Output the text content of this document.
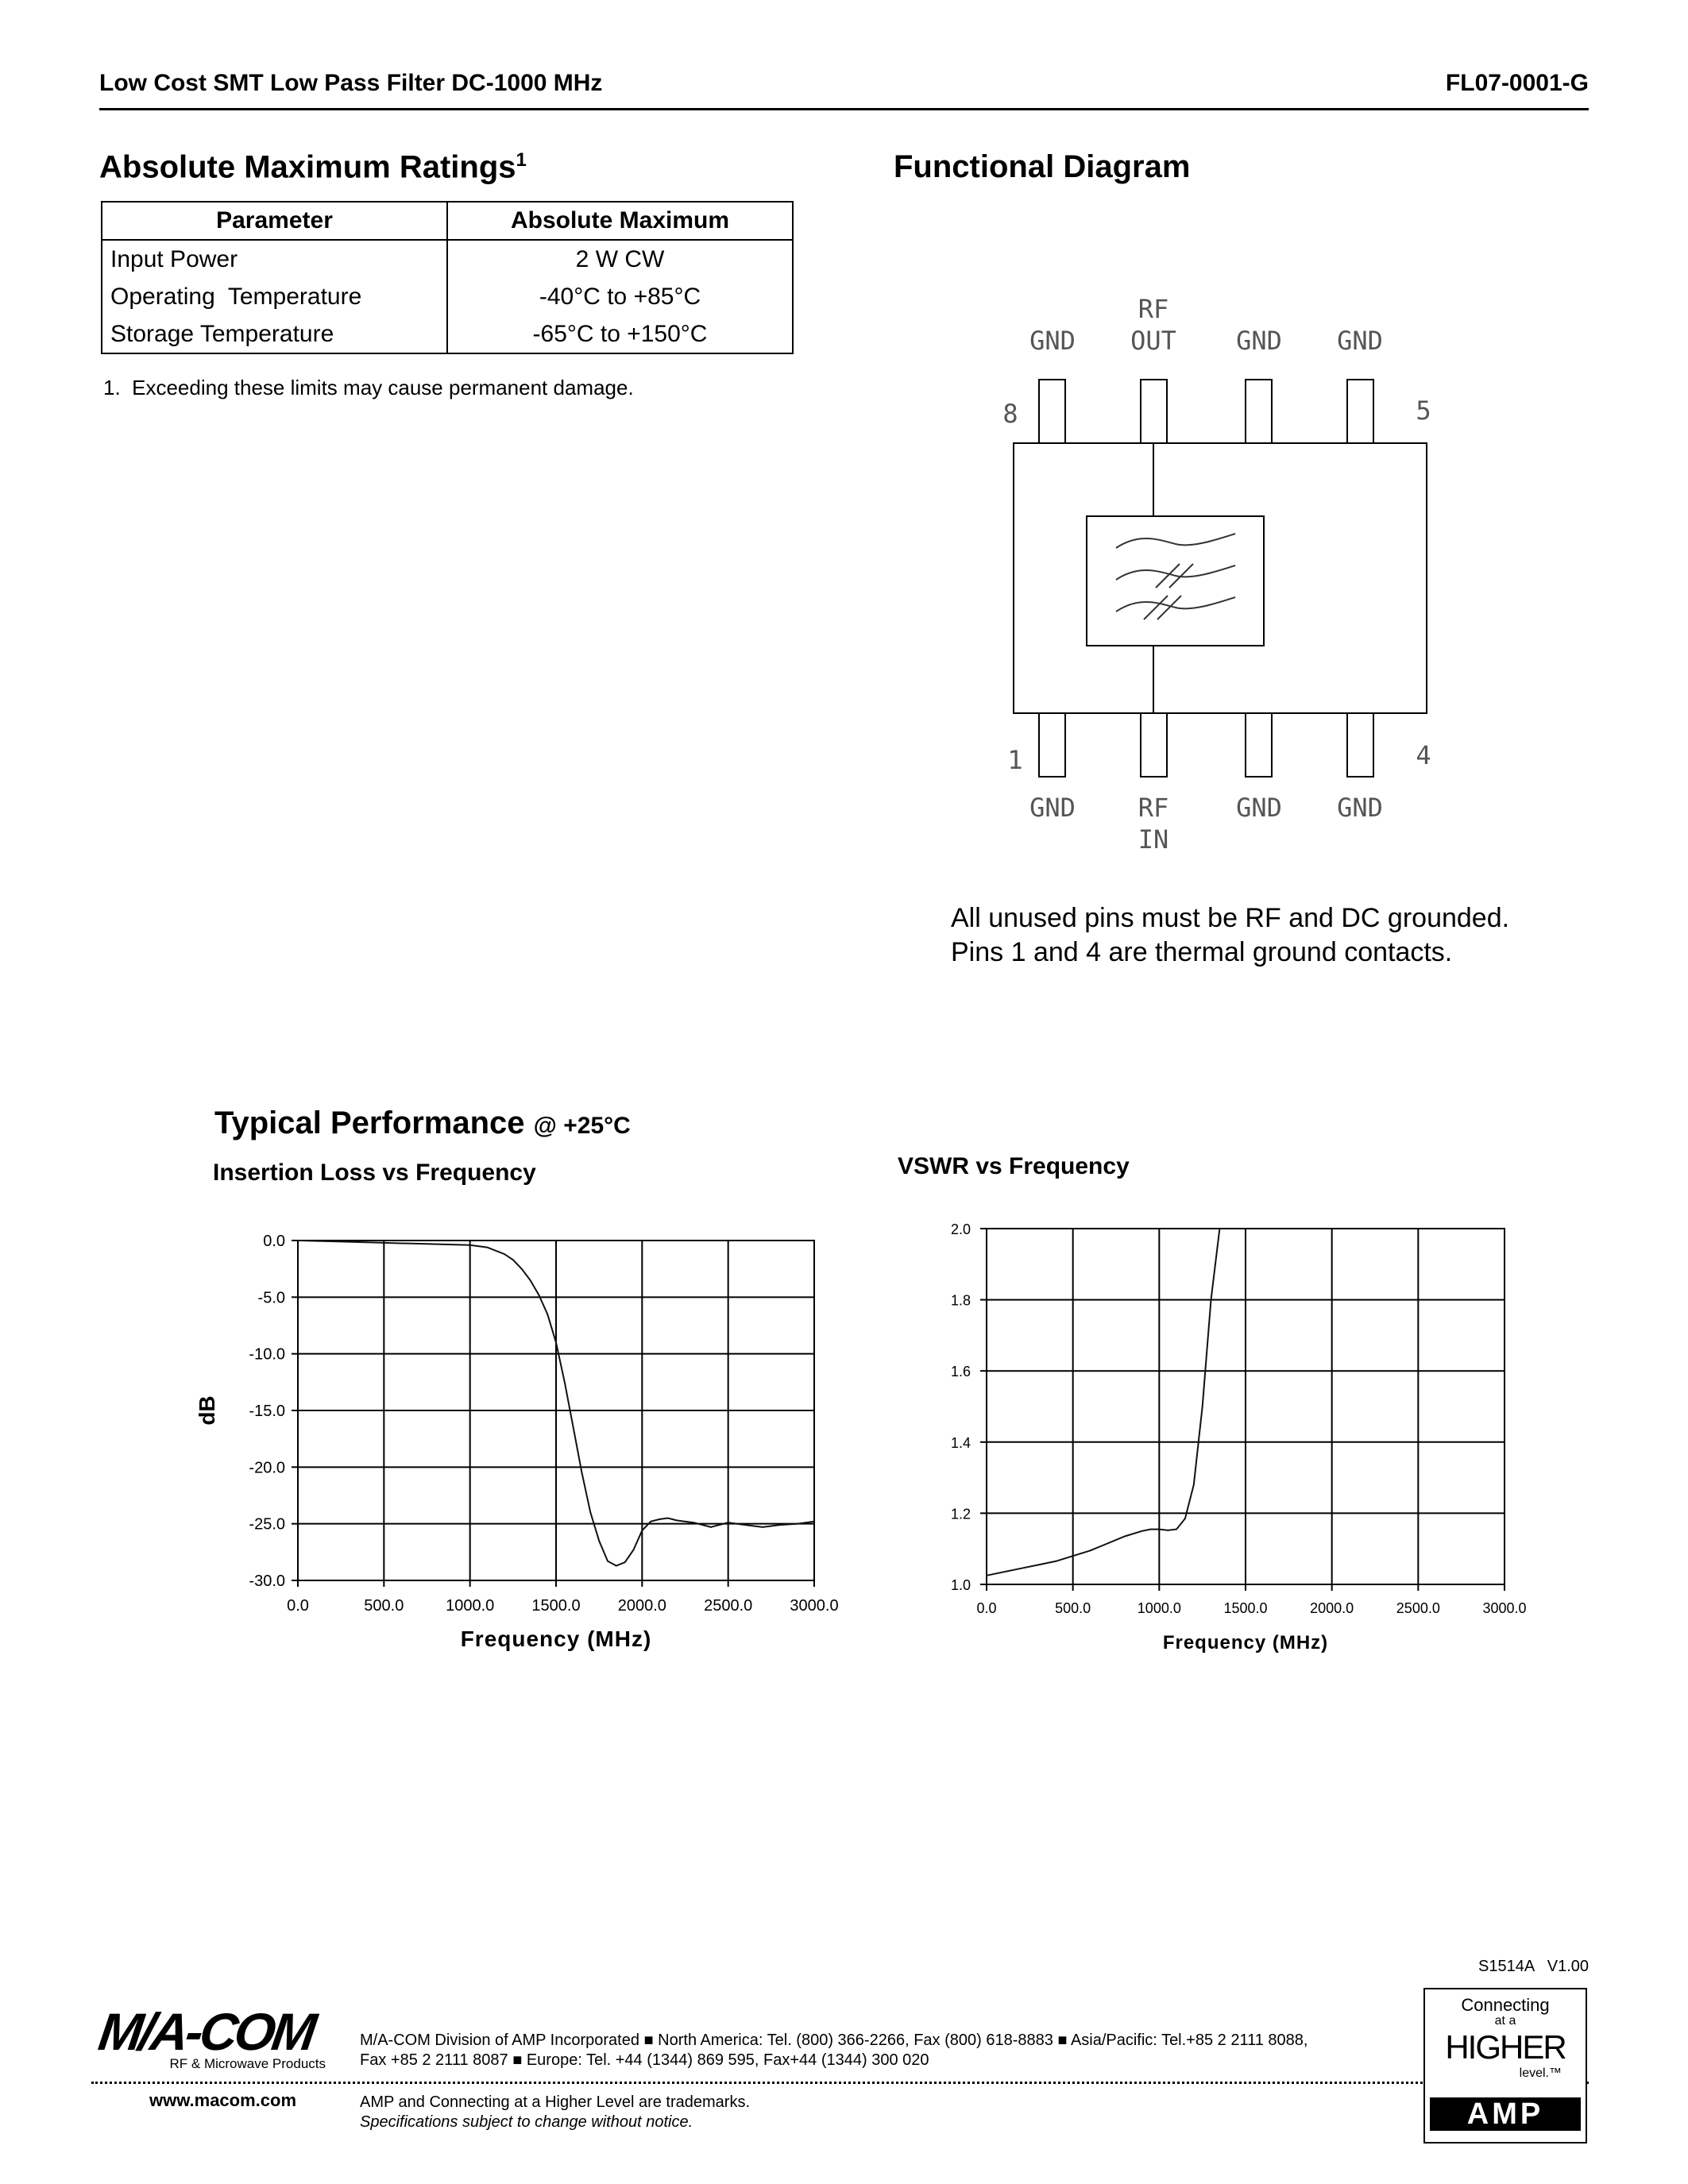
Low Cost SMT Low Pass Filter DC-1000 MHz	FL07-0001-G
Absolute Maximum Ratings$^1$
Parameter	Absolute Maximum
Input Power	2 W CW
Operating  Temperature	-40°C to +85°C
Storage Temperature	-65°C to +150°C
1.  Exceeding these limits may cause permanent damage.
Functional Diagram
GND
RF
OUT GND GND
GND RF
IN
GND GND
8	5
1	4
All unused pins must be RF and DC grounded.
Pins 1 and 4 are thermal ground contacts.
Typical Performance @ +25°C
Insertion Loss vs Frequency	VSWR vs Frequency
0.0	500.0	1000.0 1500.0 2000.0 2500.0 3000.0
0.0
-5.0
-10.0
-15.0
-20.0
-25.0
-30.0
Frequency (MHz)
dB
0.0	500.0	1000.0	1500.0	2000.0	2500.0	3000.0
2.0
1.8
1.6
1.4
1.2
1.0
Frequency (MHz)
S1514A   V1.00
M/A-COM
RF & Microwave Products
M/A-COM Division of AMP Incorporated ■ North America: Tel. (800) 366-2266, Fax (800) 618-8883 ■ Asia/Pacific: Tel.+85 2 2111 8088,
Fax +85 2 2111 8087 ■ Europe: Tel. +44 (1344) 869 595, Fax+44 (1344) 300 020
www.macom.com	AMP and Connecting at a Higher Level are trademarks.
Specifications subject to change without notice.
Connecting
at a
HIGHER
level.™
AMP
